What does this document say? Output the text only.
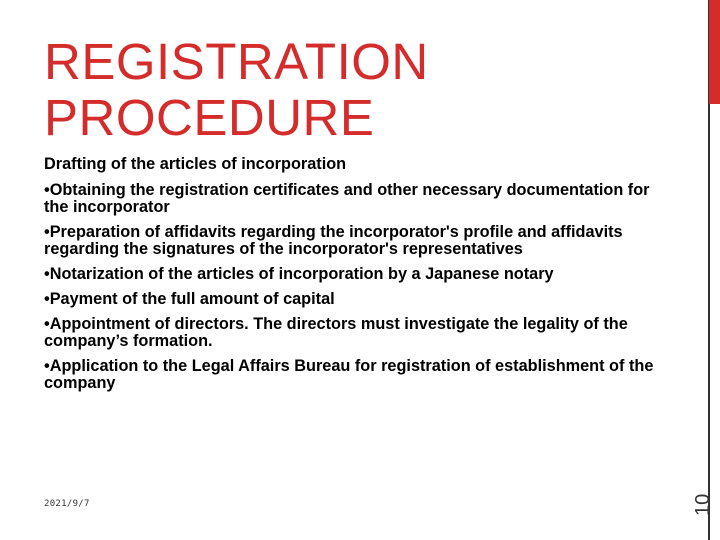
REGISTRATION
PROCEDURE

Drafting of the articles of incorporation

•Obtaining the registration certificates and other necessary documentation for the incorporator

•Preparation of affidavits regarding the incorporator's profile and affidavits regarding the signatures of the incorporator's representatives

•Notarization of the articles of incorporation by a Japanese notary

•Payment of the full amount of capital

•Appointment of directors. The directors must investigate the legality of the company’s formation.

•Application to the Legal Affairs Bureau for registration of establishment of the company

10
2021/9/7
